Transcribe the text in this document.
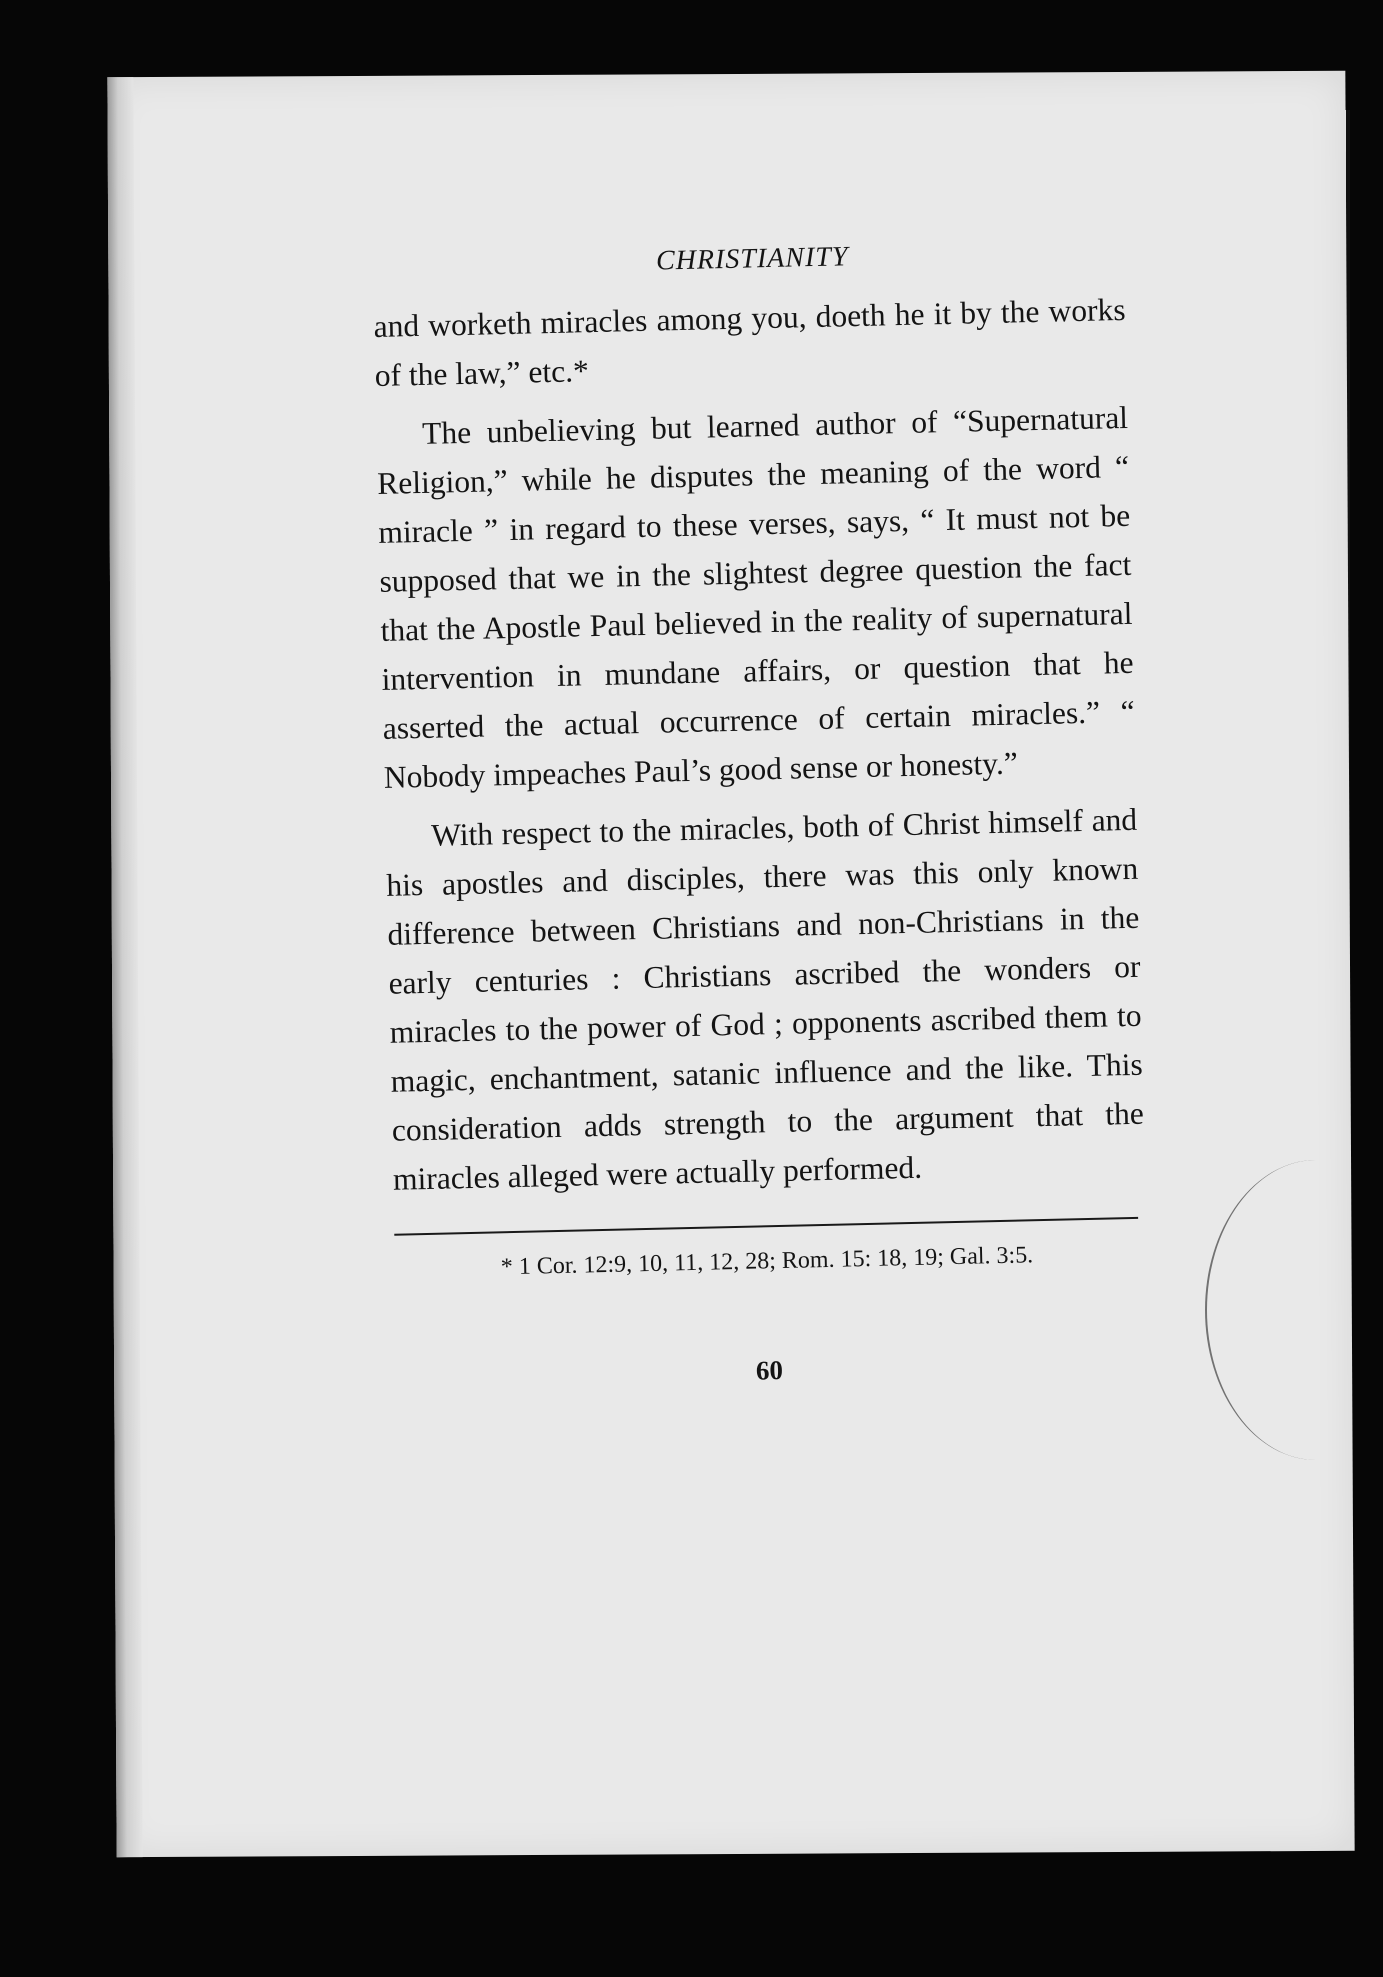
CHRISTIANITY

and worketh miracles among you, doeth he it by the works of the law,” etc.*

The unbelieving but learned author of “Supernatural Religion,” while he disputes the meaning of the word “ miracle ” in regard to these verses, says, “ It must not be supposed that we in the slightest degree question the fact that the Apostle Paul believed in the reality of supernatural intervention in mundane affairs, or question that he asserted the actual occurrence of certain miracles.” “ Nobody impeaches Paul’s good sense or honesty.”

With respect to the miracles, both of Christ himself and his apostles and disciples, there was this only known difference between Christians and non-Christians in the early centuries : Christians ascribed the wonders or miracles to the power of God ; opponents ascribed them to magic, enchantment, satanic influence and the like. This consideration adds strength to the argument that the miracles alleged were actually performed.

* 1 Cor. 12:9, 10, 11, 12, 28; Rom. 15: 18, 19; Gal. 3:5.
60
